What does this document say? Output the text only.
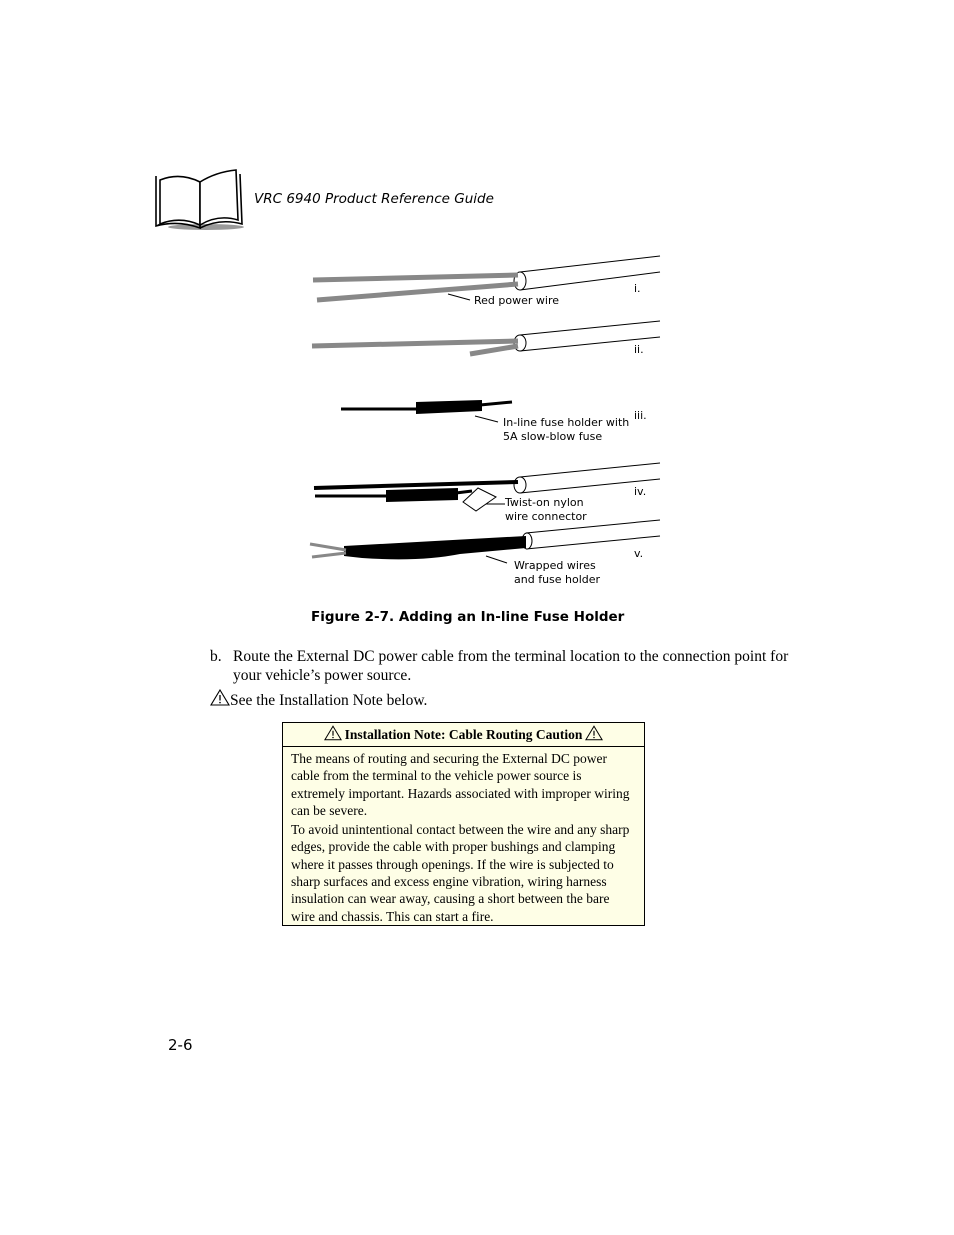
VRC 6940 Product Reference Guide
Red power wire
In-line fuse holder with
5A slow-blow fuse
Twist-on nylon
wire connector
Wrapped wires
and fuse holder
i.
ii.
iii.
iv.
v.
Figure 2-7. Adding an In-line Fuse Holder
b. Route the External DC power cable from the terminal location to the connection point for your vehicle’s power source.
See the Installation Note below.
Installation Note: Cable Routing Caution

The means of routing and securing the External DC power cable from the terminal to the vehicle power source is extremely important. Hazards associated with improper wiring can be severe.

To avoid unintentional contact between the wire and any sharp edges, provide the cable with proper bushings and clamping where it passes through openings. If the wire is subjected to sharp surfaces and excess engine vibration, wiring harness insulation can wear away, causing a short between the bare wire and chassis. This can start a fire.

2-6
